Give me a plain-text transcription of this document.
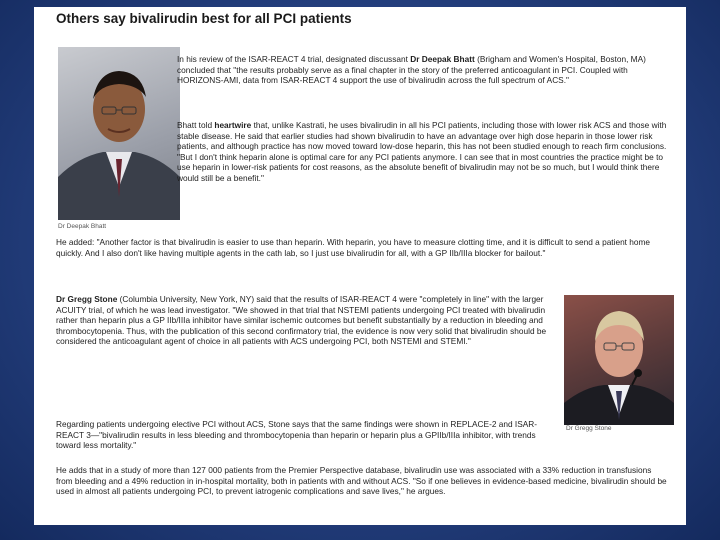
Others say bivalirudin best for all PCI patients
Dr Deepak Bhatt

In his review of the ISAR-REACT 4 trial, designated discussant Dr Deepak Bhatt (Brigham and Women's Hospital, Boston, MA) concluded that "the results probably serve as a final chapter in the story of the preferred anticoagulant in PCI. Coupled with HORIZONS-AMI, data from ISAR-REACT 4 support the use of bivalirudin across the full spectrum of ACS."

Bhatt told heartwire that, unlike Kastrati, he uses bivalirudin in all his PCI patients, including those with lower risk ACS and those with stable disease. He said that earlier studies had shown bivalirudin to have an advantage over high dose heparin in those lower risk patients, and although practice has now moved toward low-dose heparin, this has not been studied enough to reach firm conclusions. "But I don't think heparin alone is optimal care for any PCI patients anymore. I can see that in most countries the practice might be to use heparin in lower-risk patients for cost reasons, as the absolute benefit of bivalirudin may not be so much, but I would think there would still be a benefit."

He added: "Another factor is that bivalirudin is easier to use than heparin. With heparin, you have to measure clotting time, and it is difficult to send a patient home quickly. And I also don't like having multiple agents in the cath lab, so I just use bivalirudin for all, with a GP IIb/IIIa blocker for bailout."

Dr Gregg Stone (Columbia University, New York, NY) said that the results of ISAR-REACT 4 were "completely in line" with the larger ACUITY trial, of which he was lead investigator. "We showed in that trial that NSTEMI patients undergoing PCI treated with bivalirudin rather than heparin plus a GP IIb/IIIa inhibitor have similar ischemic outcomes but benefit substantially by a reduction in bleeding and thrombocytopenia. Thus, with the publication of this second confirmatory trial, the evidence is now very solid that bivalirudin should be considered the anticoagulant agent of choice in all patients with ACS undergoing PCI, both NSTEMI and STEMI."

Dr Gregg Stone

Regarding patients undergoing elective PCI without ACS, Stone says that the same findings were shown in REPLACE-2 and ISAR-REACT 3—"bivalirudin results in less bleeding and thrombocytopenia than heparin or heparin plus a GPIIb/IIIa inhibitor, with trends toward less mortality."

He adds that in a study of more than 127 000 patients from the Premier Perspective database, bivalirudin use was associated with a 33% reduction in transfusions from bleeding and a 49% reduction in in-hospital mortality, both in patients with and without ACS. "So if one believes in evidence-based medicine, bivalirudin should be used in almost all patients undergoing PCI, to prevent iatrogenic complications and save lives," he argues.
